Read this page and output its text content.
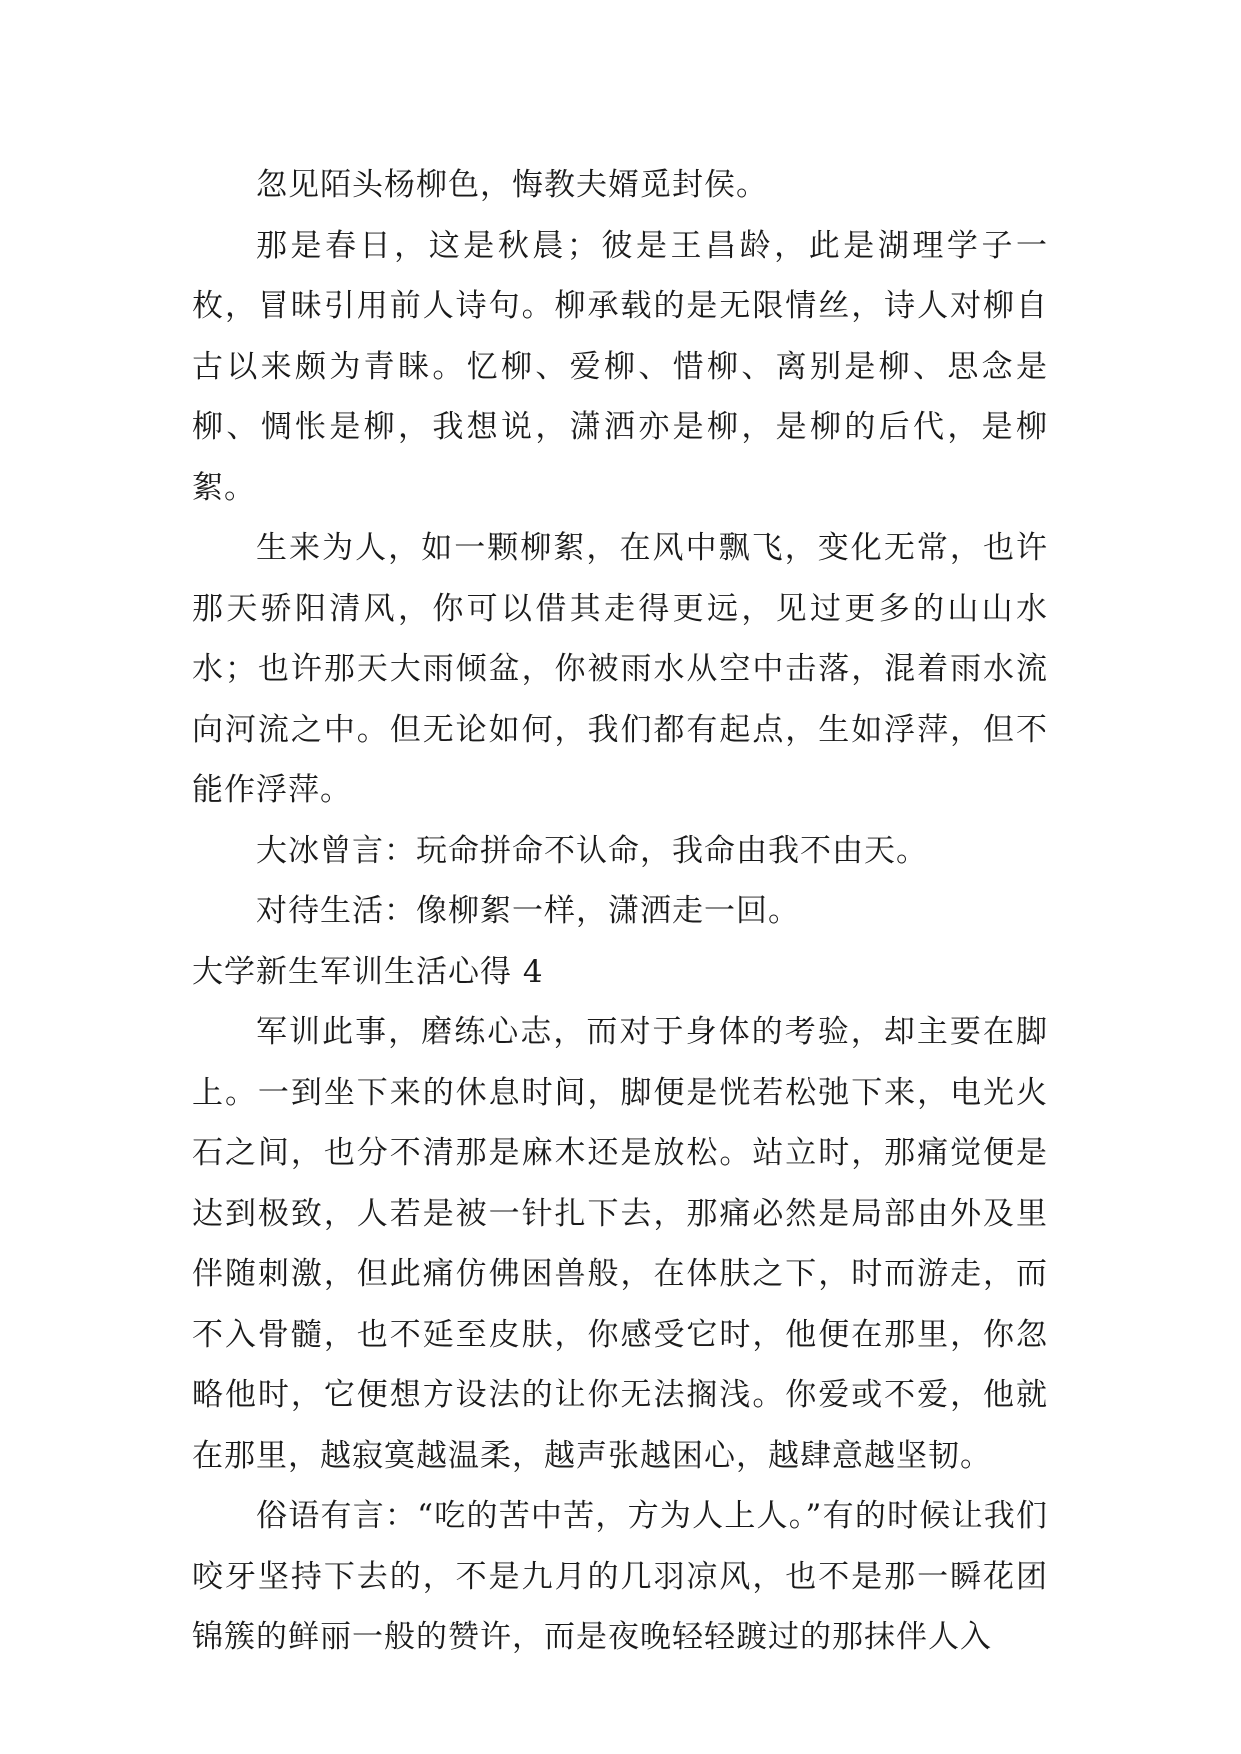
忽见陌头杨柳色，悔教夫婿觅封侯。

那是春日，这是秋晨；彼是王昌龄，此是湖理学子一枚，冒昧引用前人诗句。柳承载的是无限情丝，诗人对柳自古以来颇为青睐。忆柳、爱柳、惜柳、离别是柳、思念是柳、惆怅是柳，我想说，潇洒亦是柳，是柳的后代，是柳絮。

生来为人，如一颗柳絮，在风中飘飞，变化无常，也许那天骄阳清风，你可以借其走得更远，见过更多的山山水水；也许那天大雨倾盆，你被雨水从空中击落，混着雨水流向河流之中。但无论如何，我们都有起点，生如浮萍，但不能作浮萍。

大冰曾言：玩命拼命不认命，我命由我不由天。

对待生活：像柳絮一样，潇洒走一回。

大学新生军训生活心得 4

军训此事，磨练心志，而对于身体的考验，却主要在脚上。一到坐下来的休息时间，脚便是恍若松弛下来，电光火石之间，也分不清那是麻木还是放松。站立时，那痛觉便是达到极致，人若是被一针扎下去，那痛必然是局部由外及里伴随刺激，但此痛仿佛困兽般，在体肤之下，时而游走，而不入骨髓，也不延至皮肤，你感受它时，他便在那里，你忽略他时，它便想方设法的让你无法搁浅。你爱或不爱，他就在那里，越寂寞越温柔，越声张越困心，越肆意越坚韧。

俗语有言：“吃的苦中苦，方为人上人。”有的时候让我们咬牙坚持下去的，不是九月的几羽凉风，也不是那一瞬花团锦簇的鲜丽一般的赞许，而是夜晚轻轻踱过的那抹伴人入
